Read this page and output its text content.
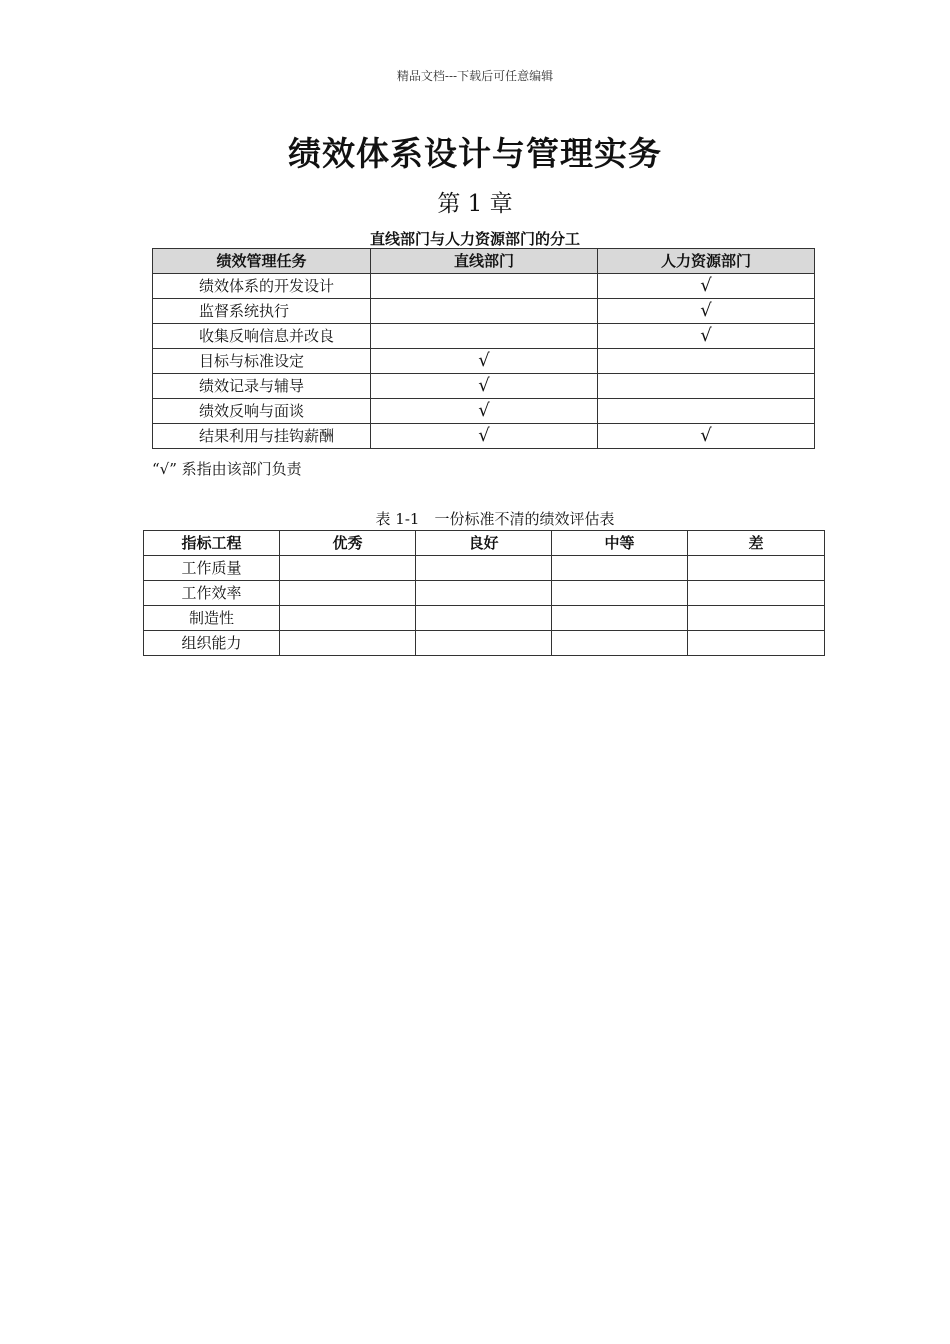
精品文档---下载后可任意编辑
绩效体系设计与管理实务
第 1 章
直线部门与人力资源部门的分工
绩效管理任务	直线部门	人力资源部门
绩效体系的开发设计		√
监督系统执行		√
收集反响信息并改良		√
目标与标准设定	√	
绩效记录与辅导	√	
绩效反响与面谈	√	
结果利用与挂钩薪酬	√	√
“√” 系指由该部门负责
表 1-1　一份标准不清的绩效评估表
指标工程	优秀	良好	中等	差
工作质量				
工作效率				
制造性				
组织能力				
